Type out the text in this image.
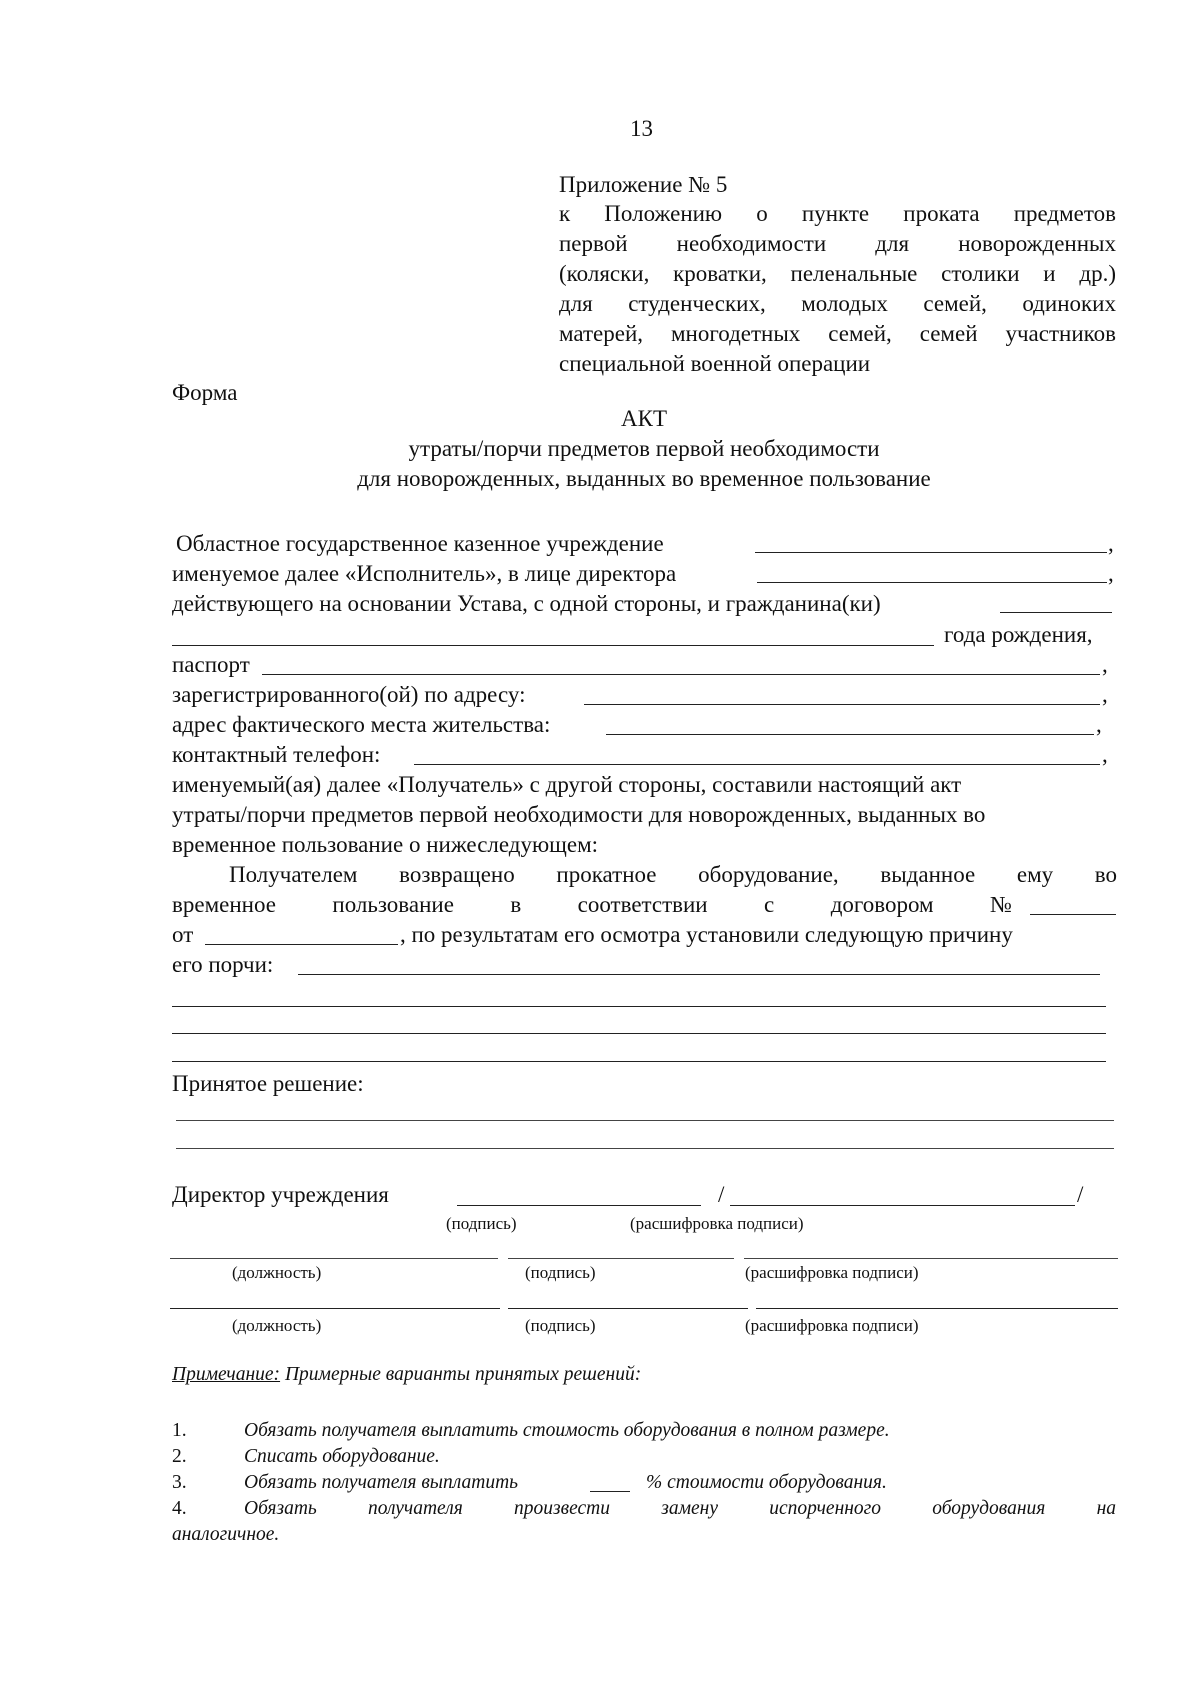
13
Приложение № 5
к Положению о пункте проката предметов
первой необходимости для новорожденных
(коляски, кроватки, пеленальные столики и др.)
для студенческих, молодых семей, одиноких
матерей, многодетных семей, семей участников
специальной военной операции
Форма
АКТ
утраты/порчи предметов первой необходимости
для новорожденных, выданных во временное пользование
Областное государственное казенное учреждение	,
именуемое далее «Исполнитель», в лице директора	,
действующего на основании Устава, с одной стороны, и гражданина(ки)
года рождения,
паспорт	,
зарегистрированного(ой) по адресу:	,
адрес фактического места жительства:	,
контактный телефон:	,
именуемый(ая) далее «Получатель» с другой стороны, составили настоящий акт
утраты/порчи предметов первой необходимости для новорожденных, выданных во
временное пользование о нижеследующем:
Получателем возвращено прокатное оборудование, выданное ему во
временное пользование в соответствии с договором №
от	, по результатам его осмотра установили следующую причину
его порчи:
Принятое решение:
Директор учреждения	/	/
(подпись)	(расшифровка подписи)
(должность)	(подпись)	(расшифровка подписи)
(должность)	(подпись)	(расшифровка подписи)
Примечание: Примерные варианты принятых решений:
1.	Обязать получателя выплатить стоимость оборудования в полном размере.
2.	Списать оборудование.
3.	Обязать получателя выплатить	% стоимости оборудования.
4.	Обязать получателя произвести замену испорченного оборудования на
аналогичное.
